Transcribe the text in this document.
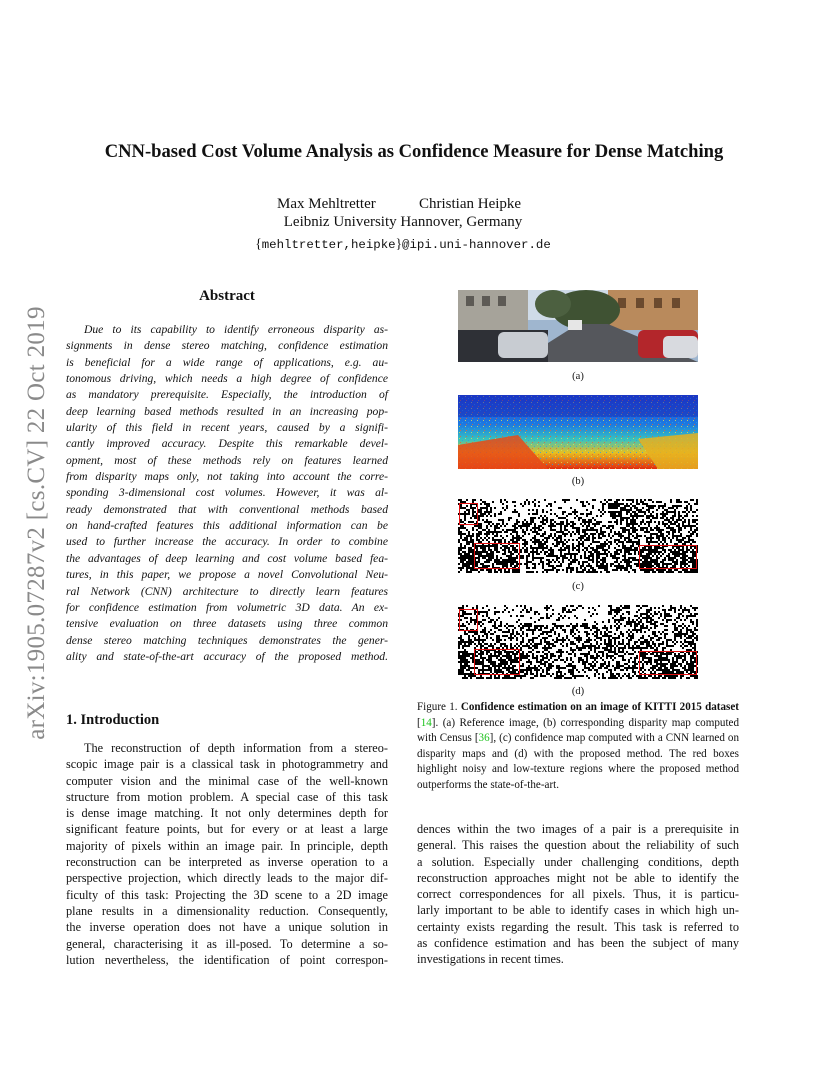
arXiv:1905.07287v2 [cs.CV] 22 Oct 2019
CNN-based Cost Volume Analysis as Confidence Measure for Dense Matching
Max Mehltretter	Christian Heipke
Leibniz University Hannover, Germany
{mehltretter,heipke}@ipi.uni-hannover.de
Abstract
Due to its capability to identify erroneous disparity as-
signments in dense stereo matching, confidence estimation
is beneficial for a wide range of applications, e.g. au-
tonomous driving, which needs a high degree of confidence
as mandatory prerequisite. Especially, the introduction of
deep learning based methods resulted in an increasing pop-
ularity of this field in recent years, caused by a signifi-
cantly improved accuracy. Despite this remarkable devel-
opment, most of these methods rely on features learned
from disparity maps only, not taking into account the corre-
sponding 3-dimensional cost volumes. However, it was al-
ready demonstrated that with conventional methods based
on hand-crafted features this additional information can be
used to further increase the accuracy. In order to combine
the advantages of deep learning and cost volume based fea-
tures, in this paper, we propose a novel Convolutional Neu-
ral Network (CNN) architecture to directly learn features
for confidence estimation from volumetric 3D data. An ex-
tensive evaluation on three datasets using three common
dense stereo matching techniques demonstrates the gener-
ality and state-of-the-art accuracy of the proposed method.
1. Introduction
The reconstruction of depth information from a stereo-
scopic image pair is a classical task in photogrammetry and
computer vision and the minimal case of the well-known
structure from motion problem. A special case of this task
is dense image matching. It not only determines depth for
significant feature points, but for every or at least a large
majority of pixels within an image pair. In principle, depth
reconstruction can be interpreted as inverse operation to a
perspective projection, which directly leads to the major dif-
ficulty of this task: Projecting the 3D scene to a 2D image
plane results in a dimensionality reduction. Consequently,
the inverse operation does not have a unique solution in
general, characterising it as ill-posed. To determine a so-
lution nevertheless, the identification of point correspon-
dences within the two images of a pair is a prerequisite in
general. This raises the question about the reliability of such
a solution. Especially under challenging conditions, depth
reconstruction approaches might not be able to identify the
correct correspondences for all pixels. Thus, it is particu-
larly important to be able to identify cases in which high un-
certainty exists regarding the result. This task is referred to
as confidence estimation and has been the subject of many
investigations in recent times.
(a)
(b)
(c)
(d)
Figure 1. Confidence estimation on an image of KITTI 2015 dataset [14]. (a) Reference image, (b) corresponding disparity map computed with Census [36], (c) confidence map computed with a CNN learned on disparity maps and (d) with the proposed method. The red boxes highlight noisy and low-texture regions where the proposed method outperforms the state-of-the-art.
